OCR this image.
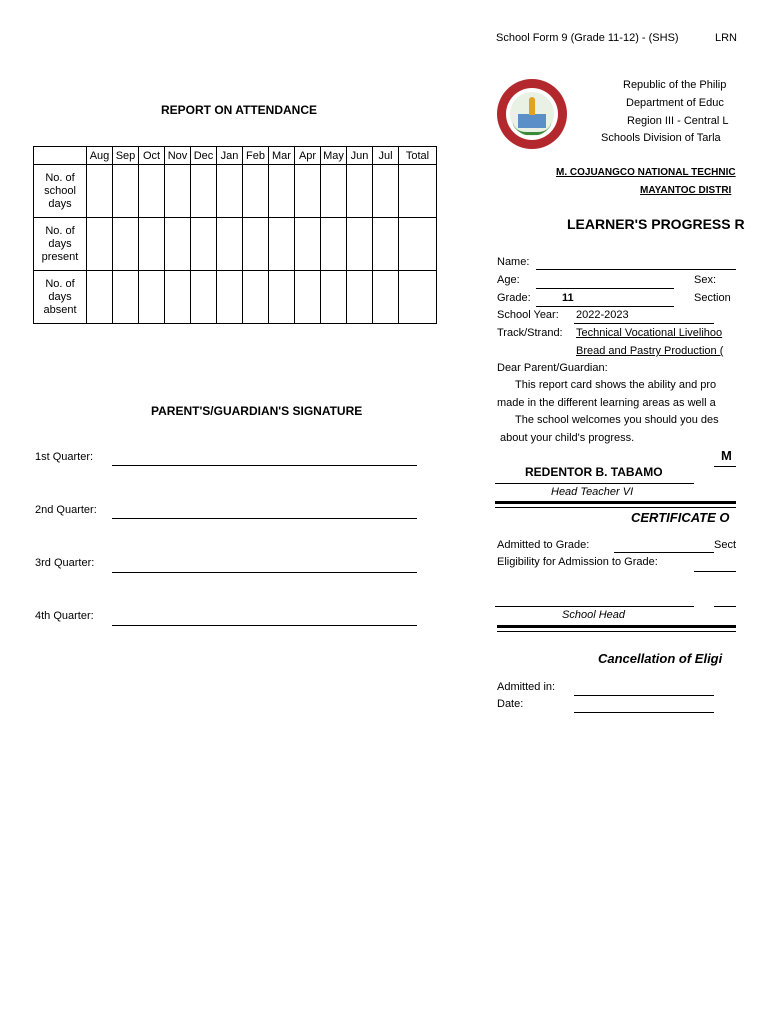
School Form 9 (Grade 11-12) - (SHS)	LRN
REPORT ON ATTENDANCE
	Aug	Sep	Oct	Nov	Dec	Jan	Feb	Mar	Apr	May	Jun	Jul	Total
No. of school days													
No. of days present													
No. of days absent													
PARENT'S/GUARDIAN'S SIGNATURE
1st Quarter:
2nd Quarter:
3rd Quarter:
4th Quarter:
Republic of the Philip
Department of Educ
Region III - Central L
Schools Division of Tarla
M. COJUANGCO NATIONAL TECHNIC
MAYANTOC DISTRI
LEARNER'S PROGRESS R
Name:
Age:	Sex:
Grade:	11	Section
School Year: 2022-2023
Track/Strand: Technical Vocational Livelihoo
Bread and Pastry Production (
Dear Parent/Guardian:
This report card shows the ability and pro
made in the different learning areas as well a
The school welcomes you should you des
about your child's progress.
M
REDENTOR B. TABAMO
Head Teacher VI
CERTIFICATE O
Admitted to Grade:	Sect
Eligibility for Admission to Grade:
School Head
Cancellation of Eligi
Admitted in:
Date:
